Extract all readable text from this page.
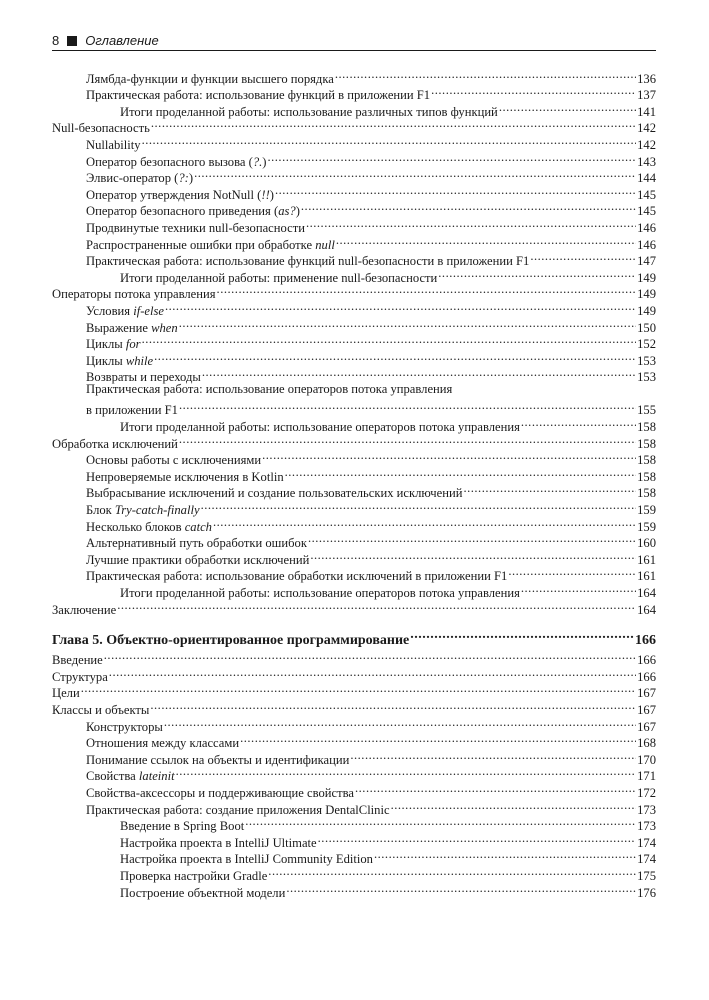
8 Оглавление
Лямбда-функции и функции высшего порядка .....	136
Практическая работа: использование функций в приложении F1 .....	137
Итоги проделанной работы: использование различных типов функций .....	141
Null-безопасность .....	142
Nullability .....	142
Оператор безопасного вызова (?.) .....	143
Элвис-оператор (?:) .....	144
Оператор утверждения NotNull (!!) .....	145
Оператор безопасного приведения (as?) .....	145
Продвинутые техники null-безопасности .....	146
Распространенные ошибки при обработке null .....	146
Практическая работа: использование функций null-безопасности в приложении F1 .....	147
Итоги проделанной работы: применение null-безопасности .....	149
Операторы потока управления .....	149
Условия if-else .....	149
Выражение when .....	150
Циклы for .....	152
Циклы while .....	153
Возвраты и переходы .....	153
Практическая работа: использование операторов потока управления
в приложении F1 .....	155
Итоги проделанной работы: использование операторов потока управления .....	158
Обработка исключений .....	158
Основы работы с исключениями .....	158
Непроверяемые исключения в Kotlin .....	158
Выбрасывание исключений и создание пользовательских исключений .....	158
Блок Try-catch-finally .....	159
Несколько блоков catch .....	159
Альтернативный путь обработки ошибок .....	160
Лучшие практики обработки исключений .....	161
Практическая работа: использование обработки исключений в приложении F1 .....	161
Итоги проделанной работы: использование операторов потока управления .....	164
Заключение .....	164
Глава 5. Объектно-ориентированное программирование .....	166
Введение .....	166
Структура .....	166
Цели .....	167
Классы и объекты .....	167
Конструкторы .....	167
Отношения между классами .....	168
Понимание ссылок на объекты и идентификации .....	170
Свойства lateinit .....	171
Свойства-аксессоры и поддерживающие свойства .....	172
Практическая работа: создание приложения DentalClinic .....	173
Введение в Spring Boot .....	173
Настройка проекта в IntelliJ Ultimate .....	174
Настройка проекта в IntelliJ Community Edition .....	174
Проверка настройки Gradle .....	175
Построение объектной модели .....	176
